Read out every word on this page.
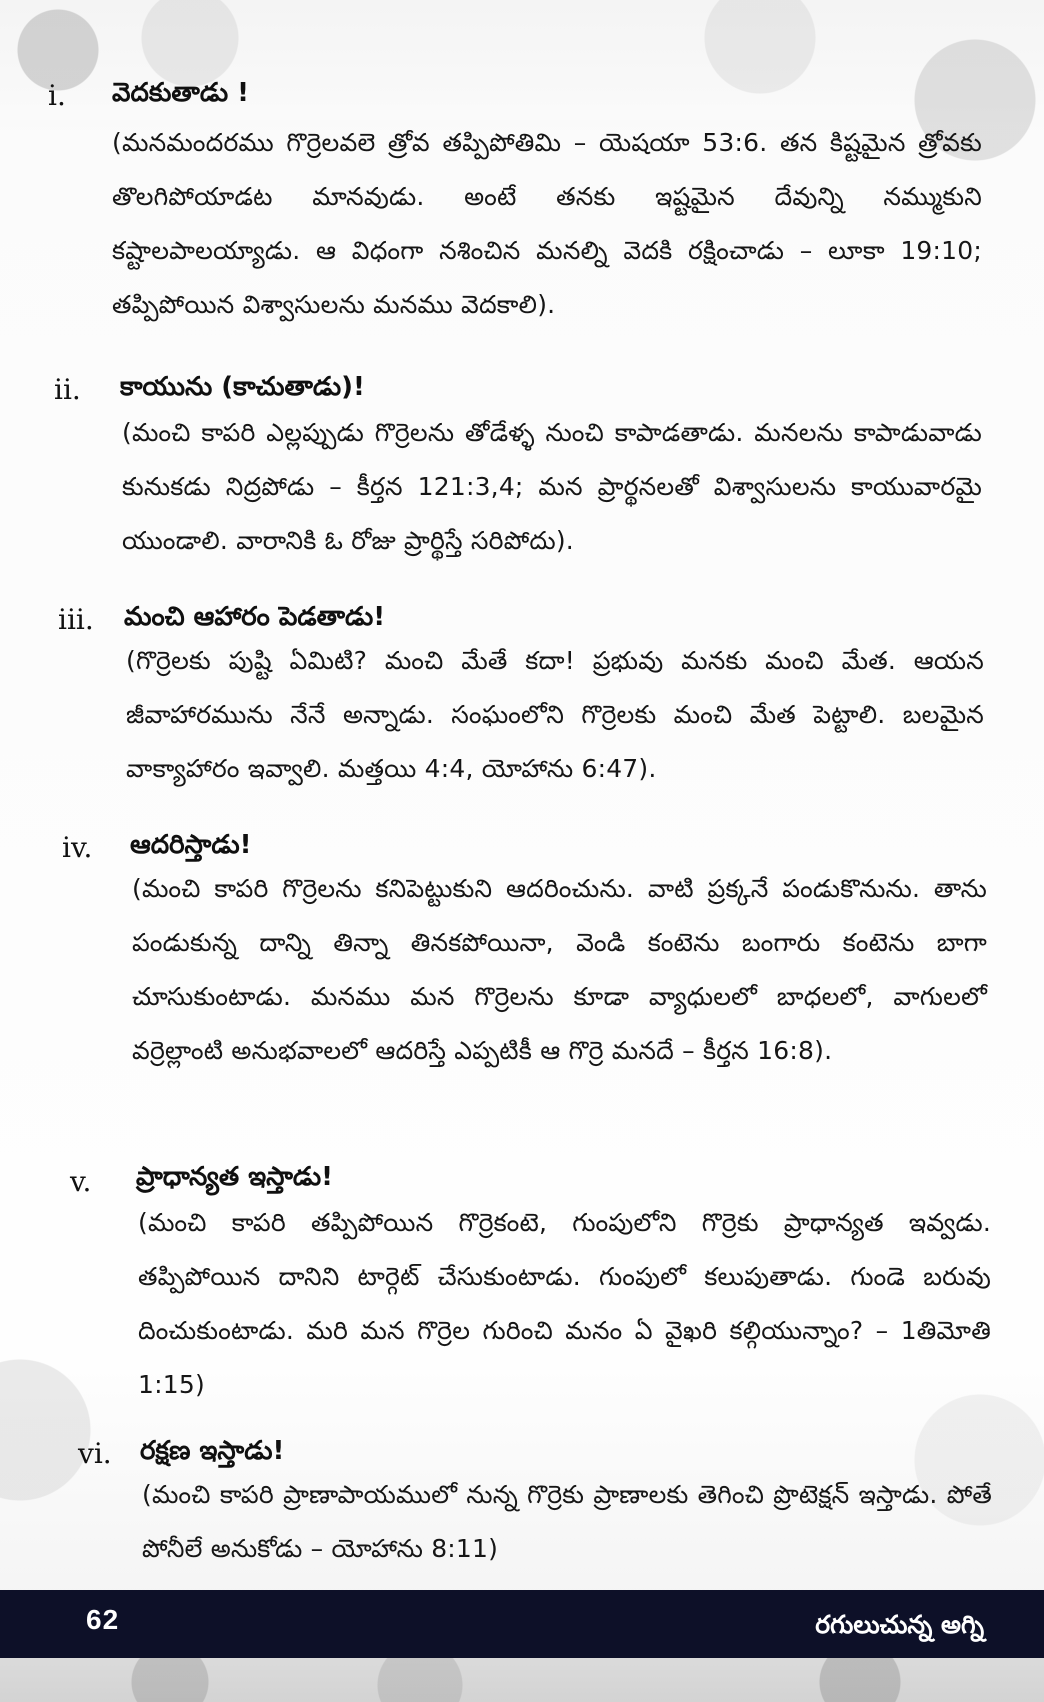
i. వెదకుతాడు !
(మనమందరము గొర్రెలవలె త్రోవ తప్పిపోతిమి – యెషయా 53:6. తన కిష్టమైన త్రోవకు తొలగిపోయాడట మానవుడు. అంటే తనకు ఇష్టమైన దేవున్ని నమ్ముకుని కష్టాలపాలయ్యాడు. ఆ విధంగా నశించిన మనల్ని వెదకి రక్షించాడు – లూకా 19:10; తప్పిపోయిన విశ్వాసులను మనము వెదకాలి).
ii. కాయును (కాచుతాడు)!
(మంచి కాపరి ఎల్లప్పుడు గొర్రెలను తోడేళ్ళ నుంచి కాపాడతాడు. మనలను కాపాడువాడు కునుకడు నిద్రపోడు – కీర్తన 121:3,4; మన ప్రార్థనలతో విశ్వాసులను కాయువారమై యుండాలి. వారానికి ఓ రోజు ప్రార్థిస్తే సరిపోదు).
iii. మంచి ఆహారం పెడతాడు!
(గొర్రెలకు పుష్టి ఏమిటి? మంచి మేతే కదా! ప్రభువు మనకు మంచి మేత. ఆయన జీవాహారమును నేనే అన్నాడు. సంఘంలోని గొర్రెలకు మంచి మేత పెట్టాలి. బలమైన వాక్యాహారం ఇవ్వాలి. మత్తయి 4:4, యోహాను 6:47).
iv. ఆదరిస్తాడు!
(మంచి కాపరి గొర్రెలను కనిపెట్టుకుని ఆదరించును. వాటి ప్రక్కనే పండుకొనును. తాను పండుకున్న దాన్ని తిన్నా తినకపోయినా, వెండి కంటెను బంగారు కంటెను బాగా చూసుకుంటాడు. మనము మన గొర్రెలను కూడా వ్యాధులలో బాధలలో, వాగులలో వర్రెల్లాంటి అనుభవాలలో ఆదరిస్తే ఎప్పటికీ ఆ గొర్రె మనదే – కీర్తన 16:8).
v. ప్రాధాన్యత ఇస్తాడు!
(మంచి కాపరి తప్పిపోయిన గొర్రెకంటె, గుంపులోని గొర్రెకు ప్రాధాన్యత ఇవ్వడు. తప్పిపోయిన దానిని టార్గెట్ చేసుకుంటాడు. గుంపులో కలుపుతాడు. గుండె బరువు దించుకుంటాడు. మరి మన గొర్రెల గురించి మనం ఏ వైఖరి కల్గియున్నాం? – 1తిమోతి 1:15)
vi. రక్షణ ఇస్తాడు!
(మంచి కాపరి ప్రాణాపాయములో నున్న గొర్రెకు ప్రాణాలకు తెగించి ప్రొటెక్షన్ ఇస్తాడు. పోతే పోనీలే అనుకోడు – యోహాను 8:11)
62	రగులుచున్న అగ్ని
